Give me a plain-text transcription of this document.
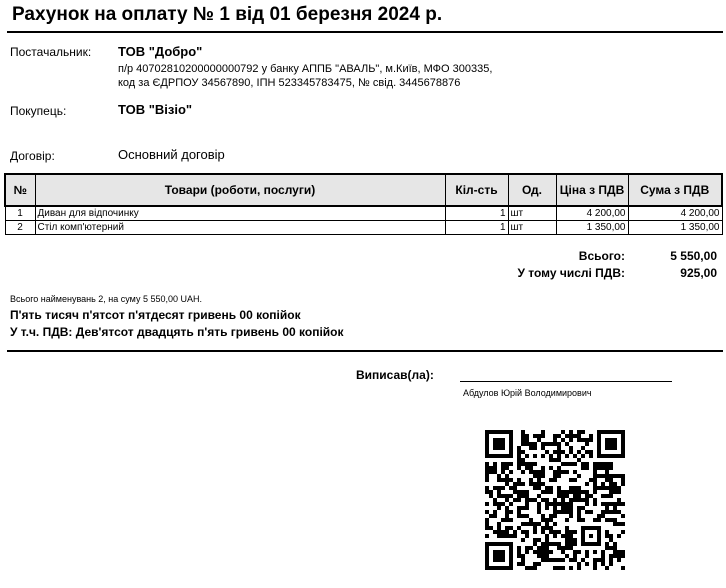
Рахунок на оплату № 1 від 01 березня 2024 р.
Постачальник: ТОВ "Добро"
п/р 40702810200000000792 у банку АППБ "АВАЛЬ", м.Київ, МФО 300335,
код за ЄДРПОУ 34567890, ІПН 523345783475, № свід. 3445678876
Покупець:	ТОВ "Візіо"
Договір:	Основний договір
№	Товари (роботи, послуги)	Кіл-сть	Од.	Ціна з ПДВ	Сума з ПДВ
1	Диван для відпочинку	1	шт	4 200,00	4 200,00
2	Стіл комп'ютерний	1	шт	1 350,00	1 350,00
Всього:	5 550,00
У тому числі ПДВ:	925,00
Всього найменувань 2, на суму 5 550,00 UAH.
П'ять тисяч п'ятсот п'ятдесят гривень 00 копійок
У т.ч. ПДВ: Дев'ятсот двадцять п'ять гривень 00 копійок
Виписав(ла):
Абдулов Юрій Володимирович
